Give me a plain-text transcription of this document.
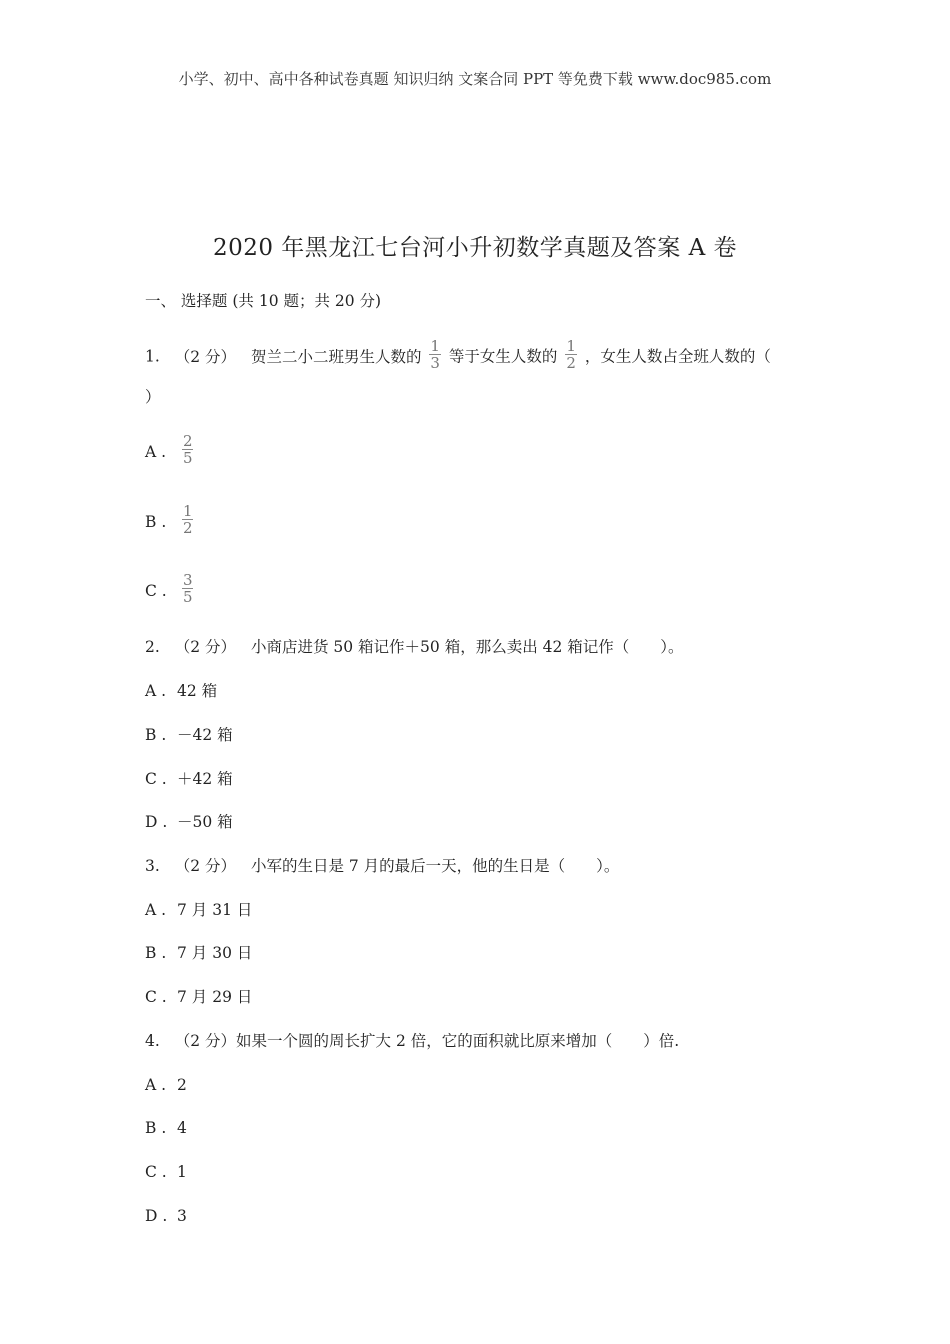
小学、初中、高中各种试卷真题 知识归纳 文案合同 PPT 等免费下载 www.doc985.com
2020 年黑龙江七台河小升初数学真题及答案 A 卷
一、 选择题 (共 10 题；共 20 分)
1. （2 分） 贺兰二小二班男生人数的 $\frac{1}{3}$ 等于女生人数的 $\frac{1}{2}$ ，女生人数占全班人数的（
）
A . $\frac{2}{5}$
B . $\frac{1}{2}$
C . $\frac{3}{5}$
2. （2 分） 小商店进货 50 箱记作＋50 箱，那么卖出 42 箱记作（　　）。
A . 42 箱
B . －42 箱
C . ＋42 箱
D . －50 箱
3. （2 分） 小军的生日是 7 月的最后一天，他的生日是（　　）。
A . 7 月 31 日
B . 7 月 30 日
C . 7 月 29 日
4. （2 分）如果一个圆的周长扩大 2 倍，它的面积就比原来增加（　　）倍.
A . 2
B . 4
C . 1
D . 3
